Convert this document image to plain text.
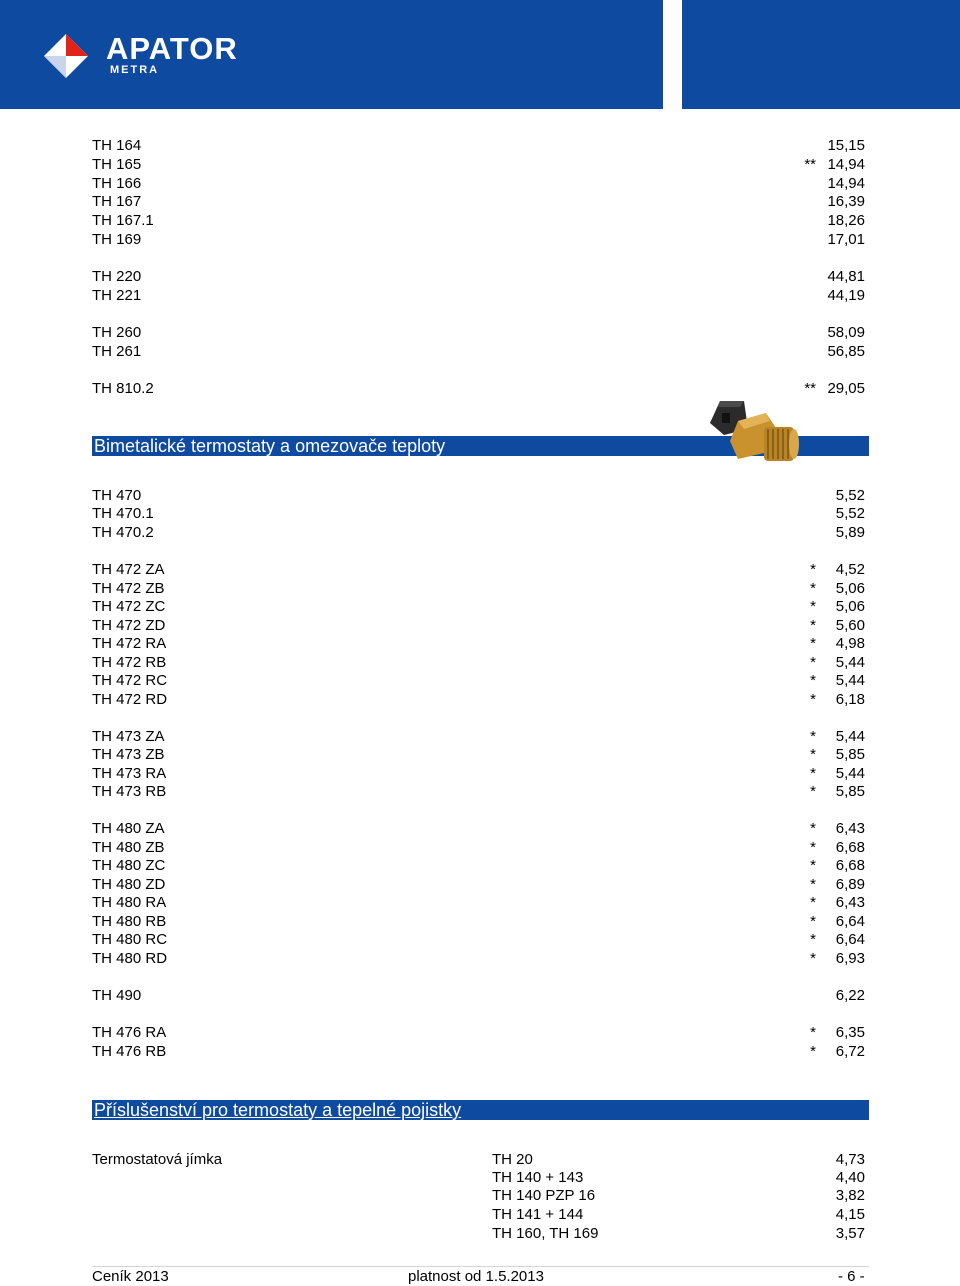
APATOR
METRA
TH 164	15,15
TH 165	** 14,94
TH 166	14,94
TH 167	16,39
TH 167.1	18,26
TH 169	17,01
TH 220	44,81
TH 221	44,19
TH 260	58,09
TH 261	56,85
TH 810.2	** 29,05
Bimetalické termostaty a omezovače teploty
TH 470	5,52
TH 470.1	5,52
TH 470.2	5,89
TH 472 ZA	* 4,52
TH 472 ZB	* 5,06
TH 472 ZC	* 5,06
TH 472 ZD	* 5,60
TH 472 RA	* 4,98
TH 472 RB	* 5,44
TH 472 RC	* 5,44
TH 472 RD	* 6,18
TH 473 ZA	* 5,44
TH 473 ZB	* 5,85
TH 473 RA	* 5,44
TH 473 RB	* 5,85
TH 480 ZA	* 6,43
TH 480 ZB	* 6,68
TH 480 ZC	* 6,68
TH 480 ZD	* 6,89
TH 480 RA	* 6,43
TH 480 RB	* 6,64
TH 480 RC	* 6,64
TH 480 RD	* 6,93
TH 490	6,22
TH 476 RA	* 6,35
TH 476 RB	* 6,72
Příslušenství pro termostaty a tepelné pojistky
Termostatová jímka	TH 20	4,73
TH 140 + 143	4,40
TH 140 PZP 16	3,82
TH 141 + 144	4,15
TH 160, TH 169	3,57
Ceník 2013	platnost od 1.5.2013	- 6 -
